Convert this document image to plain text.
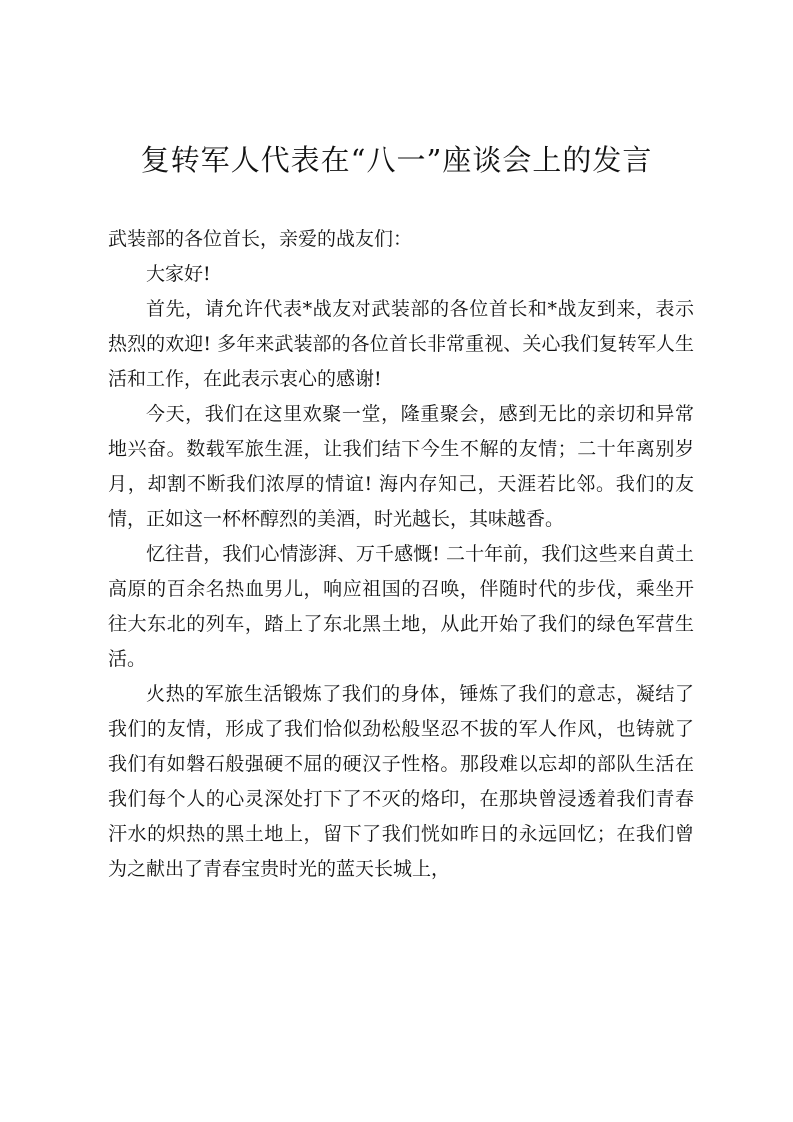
复转军人代表在“八一”座谈会上的发言

武装部的各位首长，亲爱的战友们：

大家好!

首先，请允许代表*战友对武装部的各位首长和*战友到来，表示热烈的欢迎! 多年来武装部的各位首长非常重视、关心我们复转军人生活和工作，在此表示衷心的感谢!

今天，我们在这里欢聚一堂，隆重聚会，感到无比的亲切和异常地兴奋。数载军旅生涯，让我们结下今生不解的友情；二十年离别岁月，却割不断我们浓厚的情谊! 海内存知己，天涯若比邻。我们的友情，正如这一杯杯醇烈的美酒，时光越长，其味越香。

忆往昔，我们心情澎湃、万千感慨! 二十年前，我们这些来自黄土高原的百余名热血男儿，响应祖国的召唤，伴随时代的步伐，乘坐开往大东北的列车，踏上了东北黑土地，从此开始了我们的绿色军营生活。

火热的军旅生活锻炼了我们的身体，锤炼了我们的意志，凝结了我们的友情，形成了我们恰似劲松般坚忍不拔的军人作风，也铸就了我们有如磐石般强硬不屈的硬汉子性格。那段难以忘却的部队生活在我们每个人的心灵深处打下了不灭的烙印，在那块曾浸透着我们青春汗水的炽热的黑土地上，留下了我们恍如昨日的永远回忆；在我们曾为之献出了青春宝贵时光的蓝天长城上，
